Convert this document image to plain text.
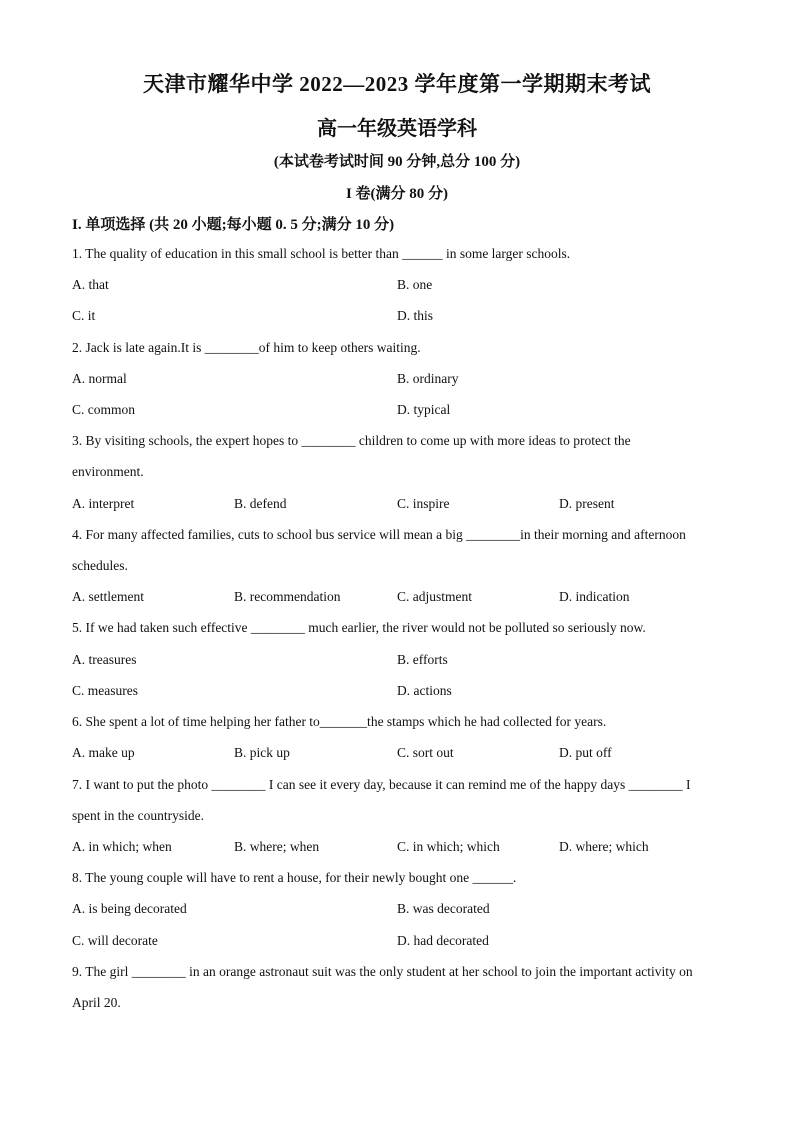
天津市耀华中学 2022—2023 学年度第一学期期末考试
高一年级英语学科
(本试卷考试时间 90 分钟,总分 100 分)
I 卷(满分 80 分)
I. 单项选择 (共 20 小题;每小题 0. 5 分;满分 10 分)
1. The quality of education in this small school is better than ______ in some larger schools.
A. that	B. one
C. it	D. this
2. Jack is late again.It is ________of him to keep others waiting.
A. normal	B. ordinary
C. common	D. typical
3. By visiting schools, the expert hopes to ________ children to come up with more ideas to protect the
environment.
A. interpret	B. defend	C. inspire	D. present
4. For many affected families, cuts to school bus service will mean a big ________in their morning and afternoon
schedules.
A. settlement	B. recommendation	C. adjustment	D. indication
5. If we had taken such effective ________ much earlier, the river would not be polluted so seriously now.
A. treasures	B. efforts
C. measures	D. actions
6. She spent a lot of time helping her father to_______the stamps which he had collected for years.
A. make up	B. pick up	C. sort out	D. put off
7. I want to put the photo ________ I can see it every day, because it can remind me of the happy days ________ I
spent in the countryside.
A. in which; when	B. where; when	C. in which; which	D. where; which
8. The young couple will have to rent a house, for their newly bought one ______.
A. is being decorated	B. was decorated
C. will decorate	D. had decorated
9. The girl ________ in an orange astronaut suit was the only student at her school to join the important activity on
April 20.
